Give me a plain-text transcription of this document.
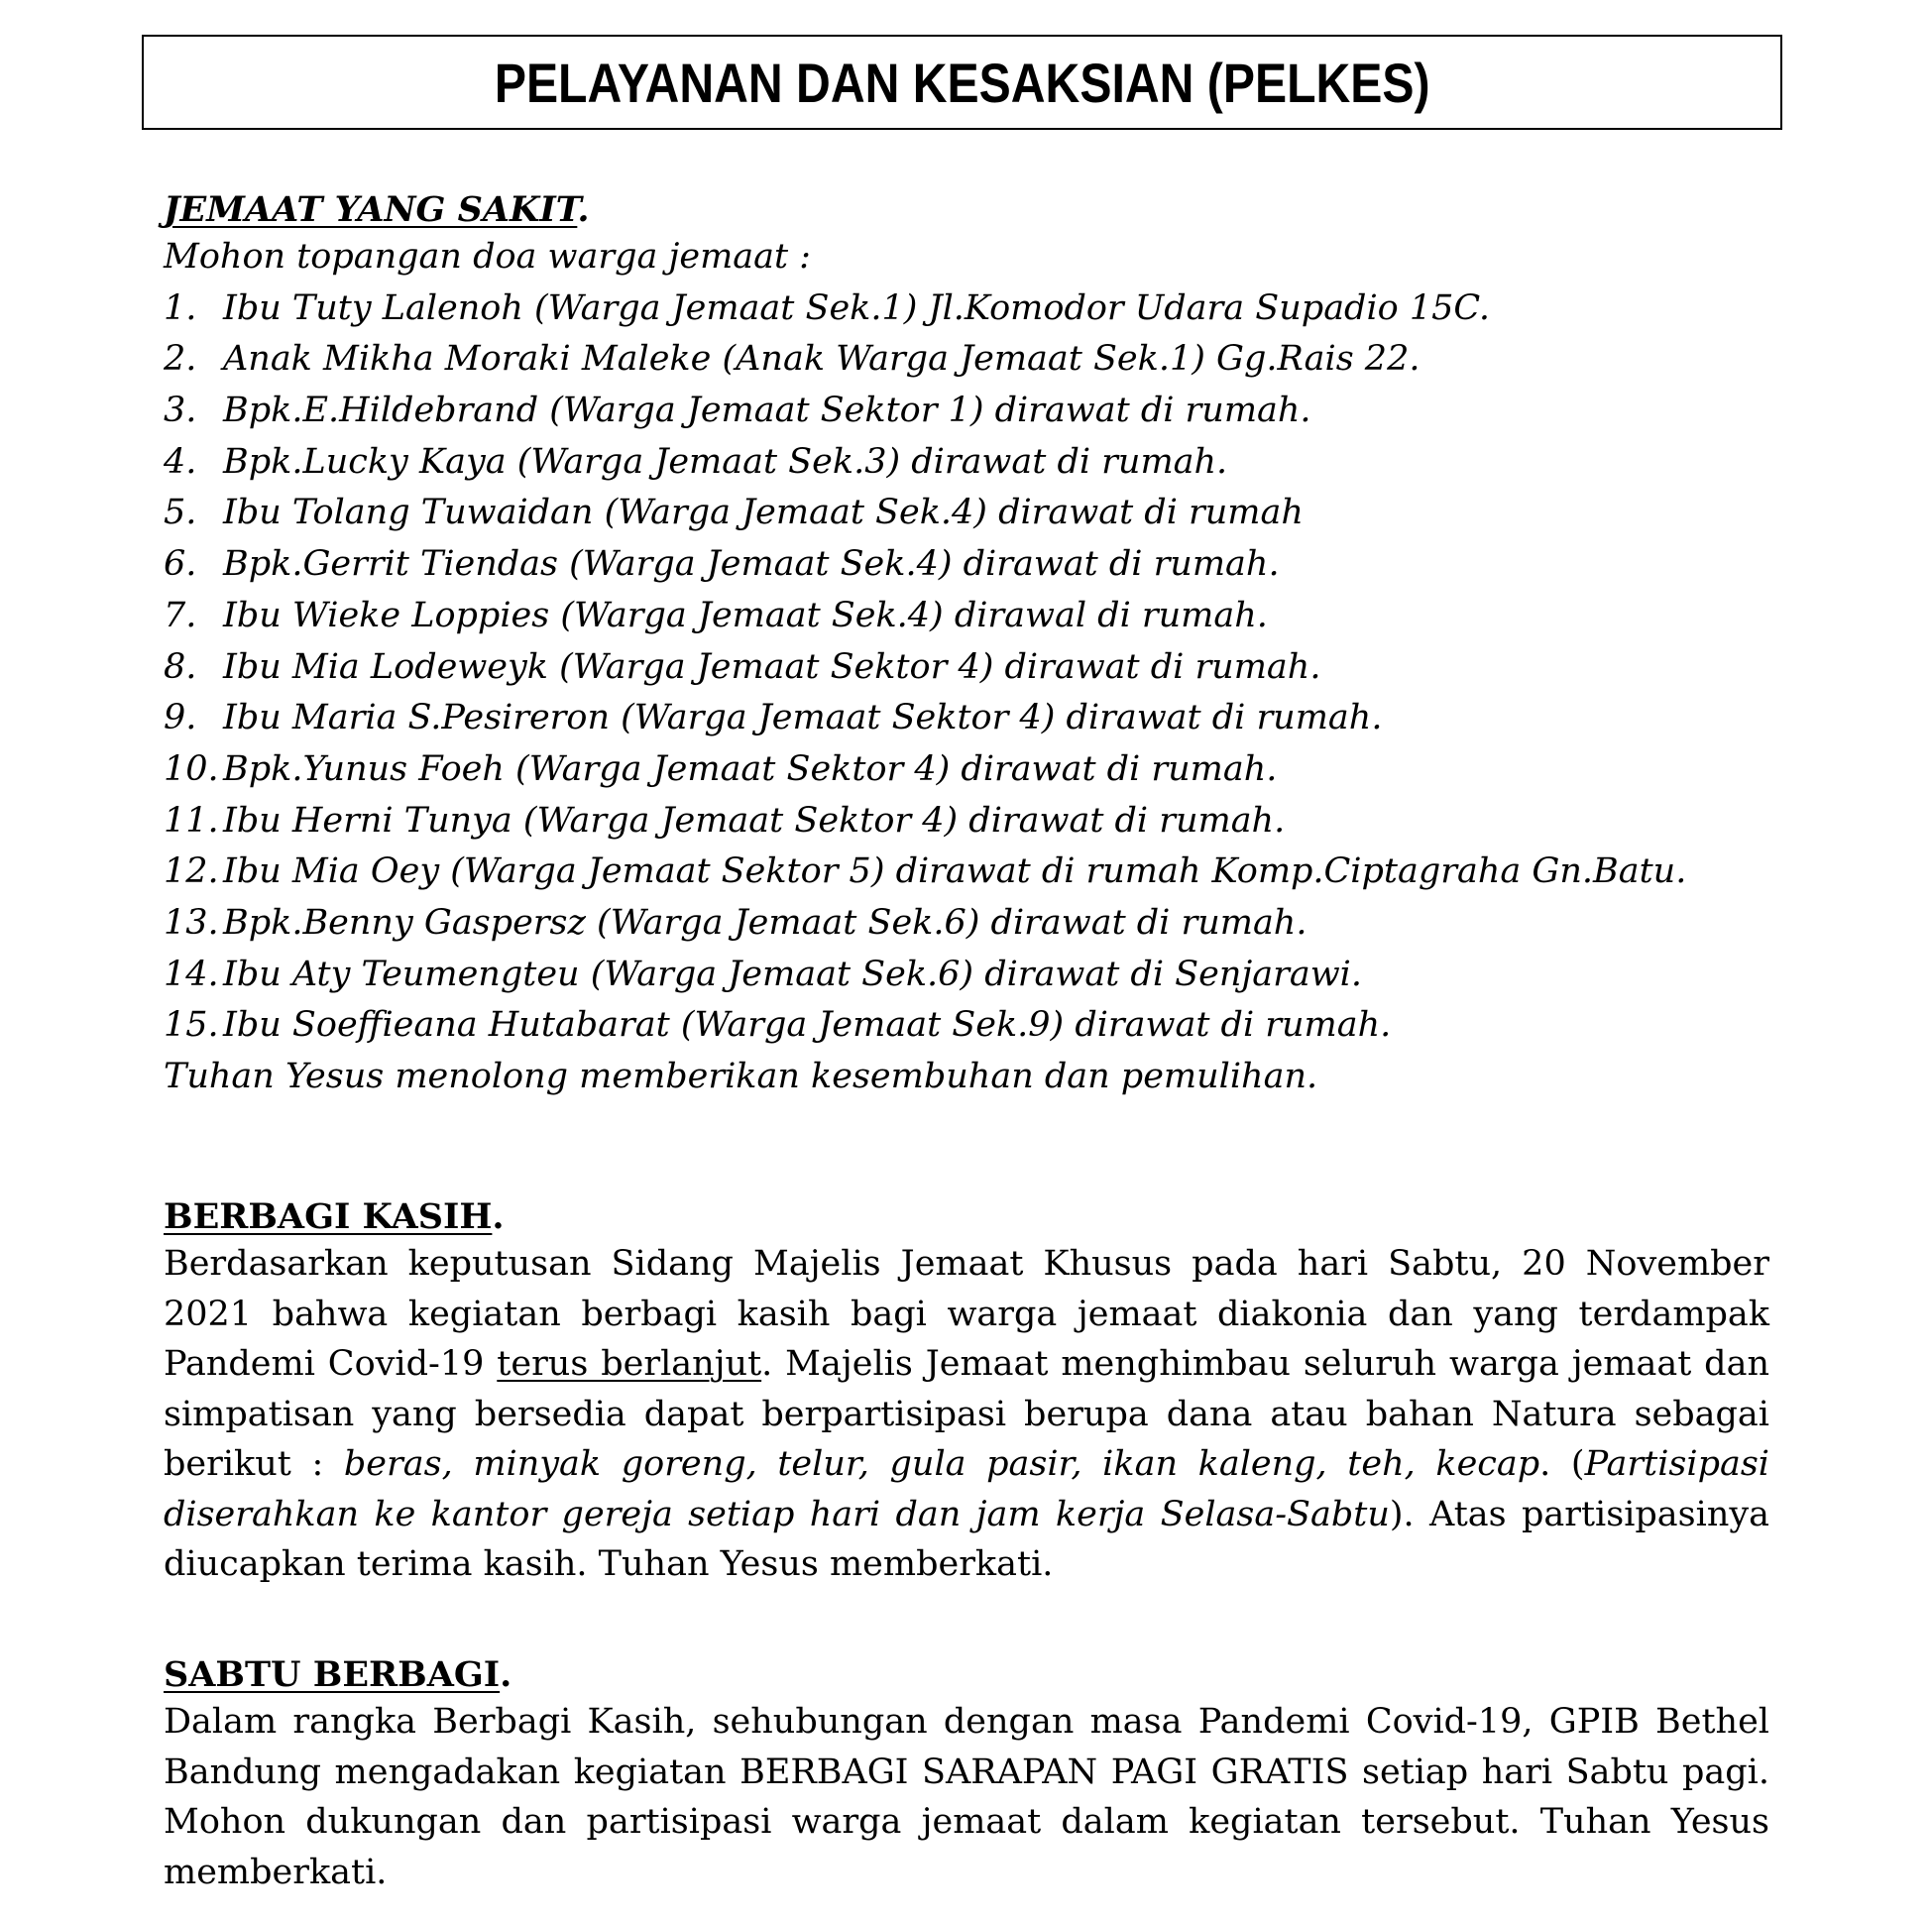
PELAYANAN DAN KESAKSIAN (PELKES)

JEMAAT YANG SAKIT.

Mohon topangan doa warga jemaat :
1. Ibu Tuty Lalenoh (Warga Jemaat Sek.1) Jl.Komodor Udara Supadio 15C.
2. Anak Mikha Moraki Maleke (Anak Warga Jemaat Sek.1) Gg.Rais 22.
3. Bpk.E.Hildebrand (Warga Jemaat Sektor 1) dirawat di rumah.
4. Bpk.Lucky Kaya (Warga Jemaat Sek.3) dirawat di rumah.
5. Ibu Tolang Tuwaidan (Warga Jemaat Sek.4) dirawat di rumah
6. Bpk.Gerrit Tiendas (Warga Jemaat Sek.4) dirawat di rumah.
7. Ibu Wieke Loppies (Warga Jemaat Sek.4) dirawal di rumah.
8. Ibu Mia Lodeweyk (Warga Jemaat Sektor 4) dirawat di rumah.
9. Ibu Maria S.Pesireron (Warga Jemaat Sektor 4) dirawat di rumah.
10. Bpk.Yunus Foeh (Warga Jemaat Sektor 4) dirawat di rumah.
11. Ibu Herni Tunya (Warga Jemaat Sektor 4) dirawat di rumah.
12. Ibu Mia Oey (Warga Jemaat Sektor 5) dirawat di rumah Komp.Ciptagraha Gn.Batu.
13. Bpk.Benny Gaspersz (Warga Jemaat Sek.6) dirawat di rumah.
14. Ibu Aty Teumengteu (Warga Jemaat Sek.6) dirawat di Senjarawi.
15. Ibu Soeffieana Hutabarat (Warga Jemaat Sek.9) dirawat di rumah.
Tuhan Yesus menolong memberikan kesembuhan dan pemulihan.

BERBAGI KASIH.

Berdasarkan keputusan Sidang Majelis Jemaat Khusus pada hari Sabtu, 20 November 2021 bahwa kegiatan berbagi kasih bagi warga jemaat diakonia dan yang terdampak Pandemi Covid-19 terus berlanjut. Majelis Jemaat menghimbau seluruh warga jemaat dan simpatisan yang bersedia dapat berpartisipasi berupa dana atau bahan Natura sebagai berikut : beras, minyak goreng, telur, gula pasir, ikan kaleng, teh, kecap. (Partisipasi diserahkan ke kantor gereja setiap hari dan jam kerja Selasa-Sabtu). Atas partisipasinya diucapkan terima kasih. Tuhan Yesus memberkati.

SABTU BERBAGI.

Dalam rangka Berbagi Kasih, sehubungan dengan masa Pandemi Covid-19, GPIB Bethel Bandung mengadakan kegiatan BERBAGI SARAPAN PAGI GRATIS setiap hari Sabtu pagi. Mohon dukungan dan partisipasi warga jemaat dalam kegiatan tersebut. Tuhan Yesus memberkati.
